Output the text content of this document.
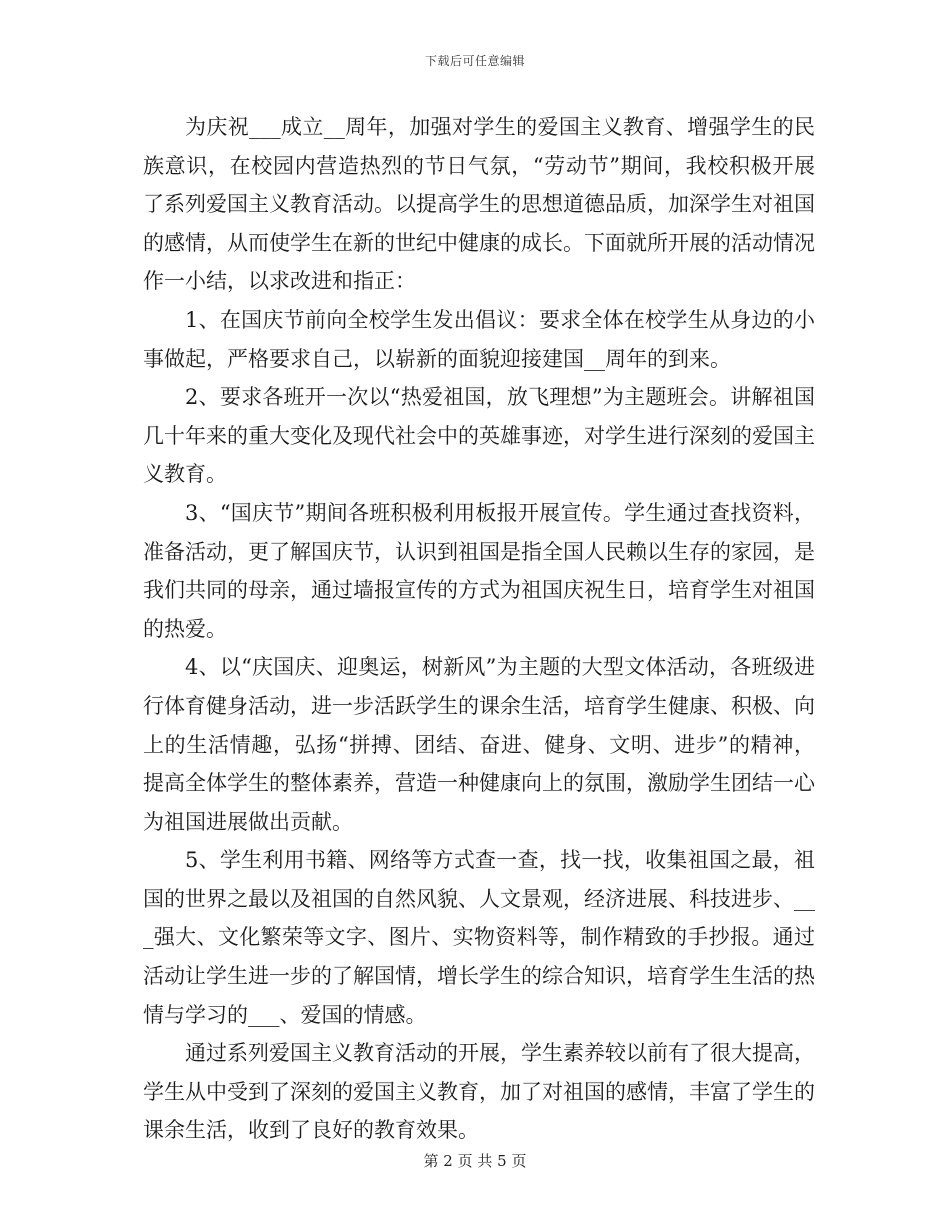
下载后可任意编辑

为庆祝___成立__周年，加强对学生的爱国主义教育、增强学生的民族意识，在校园内营造热烈的节日气氛，“劳动节”期间，我校积极开展了系列爱国主义教育活动。以提高学生的思想道德品质，加深学生对祖国的感情，从而使学生在新的世纪中健康的成长。下面就所开展的活动情况作一小结，以求改进和指正：

1、在国庆节前向全校学生发出倡议：要求全体在校学生从身边的小事做起，严格要求自己，以崭新的面貌迎接建国__周年的到来。

2、要求各班开一次以“热爱祖国，放飞理想”为主题班会。讲解祖国几十年来的重大变化及现代社会中的英雄事迹，对学生进行深刻的爱国主义教育。

3、“国庆节”期间各班积极利用板报开展宣传。学生通过查找资料，准备活动，更了解国庆节，认识到祖国是指全国人民赖以生存的家园，是我们共同的母亲，通过墙报宣传的方式为祖国庆祝生日，培育学生对祖国的热爱。

4、以“庆国庆、迎奥运，树新风”为主题的大型文体活动，各班级进行体育健身活动，进一步活跃学生的课余生活，培育学生健康、积极、向上的生活情趣，弘扬“拼搏、团结、奋进、健身、文明、进步”的精神，提高全体学生的整体素养，营造一种健康向上的氛围，激励学生团结一心为祖国进展做出贡献。

5、学生利用书籍、网络等方式查一查，找一找，收集祖国之最，祖国的世界之最以及祖国的自然风貌、人文景观，经济进展、科技进步、___强大、文化繁荣等文字、图片、实物资料等，制作精致的手抄报。通过活动让学生进一步的了解国情，增长学生的综合知识，培育学生生活的热情与学习的___、爱国的情感。

通过系列爱国主义教育活动的开展，学生素养较以前有了很大提高，学生从中受到了深刻的爱国主义教育，加了对祖国的感情，丰富了学生的课余生活，收到了良好的教育效果。

第 2 页 共 5 页
